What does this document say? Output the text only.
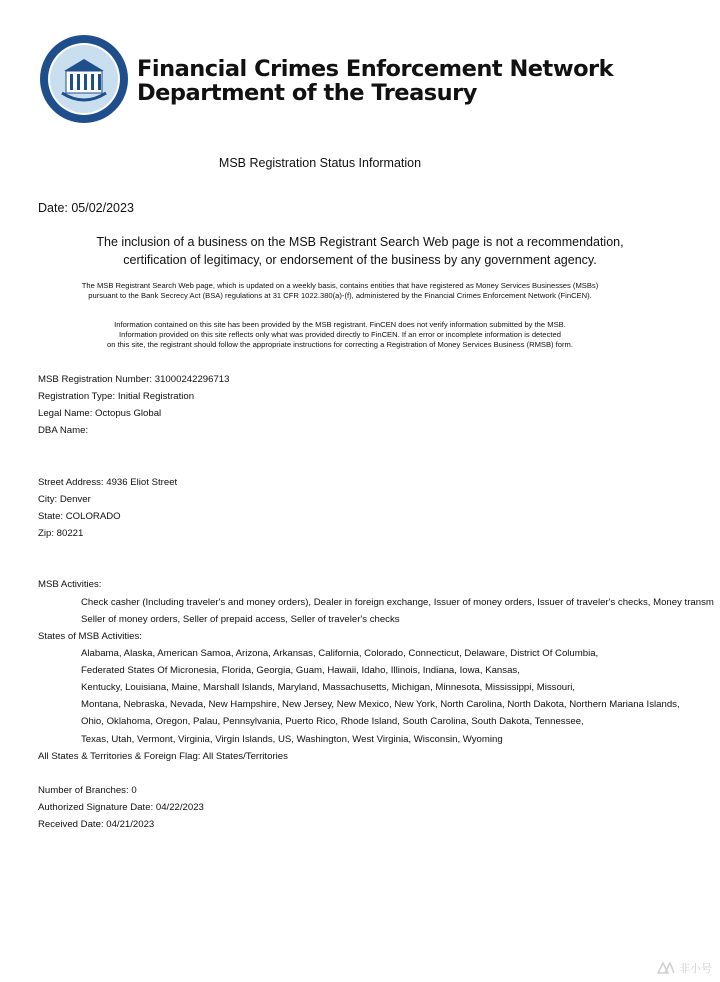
Financial Crimes Enforcement Network
Department of the Treasury
MSB Registration Status Information
Date: 05/02/2023
The inclusion of a business on the MSB Registrant Search Web page is not a recommendation,
certification of legitimacy, or endorsement of the business by any government agency.
The MSB Registrant Search Web page, which is updated on a weekly basis, contains entities that have registered as Money Services Businesses (MSBs)
pursuant to the Bank Secrecy Act (BSA) regulations at 31 CFR 1022.380(a)-(f), administered by the Financial Crimes Enforcement Network (FinCEN).
Information contained on this site has been provided by the MSB registrant. FinCEN does not verify information submitted by the MSB.
Information provided on this site reflects only what was provided directly to FinCEN. If an error or incomplete information is detected
on this site, the registrant should follow the appropriate instructions for correcting a Registration of Money Services Business (RMSB) form.
MSB Registration Number: 31000242296713
Registration Type: Initial Registration
Legal Name: Octopus Global
DBA Name:
Street Address: 4936 Eliot Street
City: Denver
State: COLORADO
Zip: 80221
MSB Activities:
Check casher (Including traveler's and money orders), Dealer in foreign exchange, Issuer of money orders, Issuer of traveler's checks, Money transm
Seller of money orders, Seller of prepaid access, Seller of traveler's checks
States of MSB Activities:
Alabama, Alaska, American Samoa, Arizona, Arkansas, California, Colorado, Connecticut, Delaware, District Of Columbia,
Federated States Of Micronesia, Florida, Georgia, Guam, Hawaii, Idaho, Illinois, Indiana, Iowa, Kansas,
Kentucky, Louisiana, Maine, Marshall Islands, Maryland, Massachusetts, Michigan, Minnesota, Mississippi, Missouri,
Montana, Nebraska, Nevada, New Hampshire, New Jersey, New Mexico, New York, North Carolina, North Dakota, Northern Mariana Islands,
Ohio, Oklahoma, Oregon, Palau, Pennsylvania, Puerto Rico, Rhode Island, South Carolina, South Dakota, Tennessee,
Texas, Utah, Vermont, Virginia, Virgin Islands, US, Washington, West Virginia, Wisconsin, Wyoming
All States & Territories & Foreign Flag: All States/Territories
Number of Branches: 0
Authorized Signature Date: 04/22/2023
Received Date: 04/21/2023
非小号
